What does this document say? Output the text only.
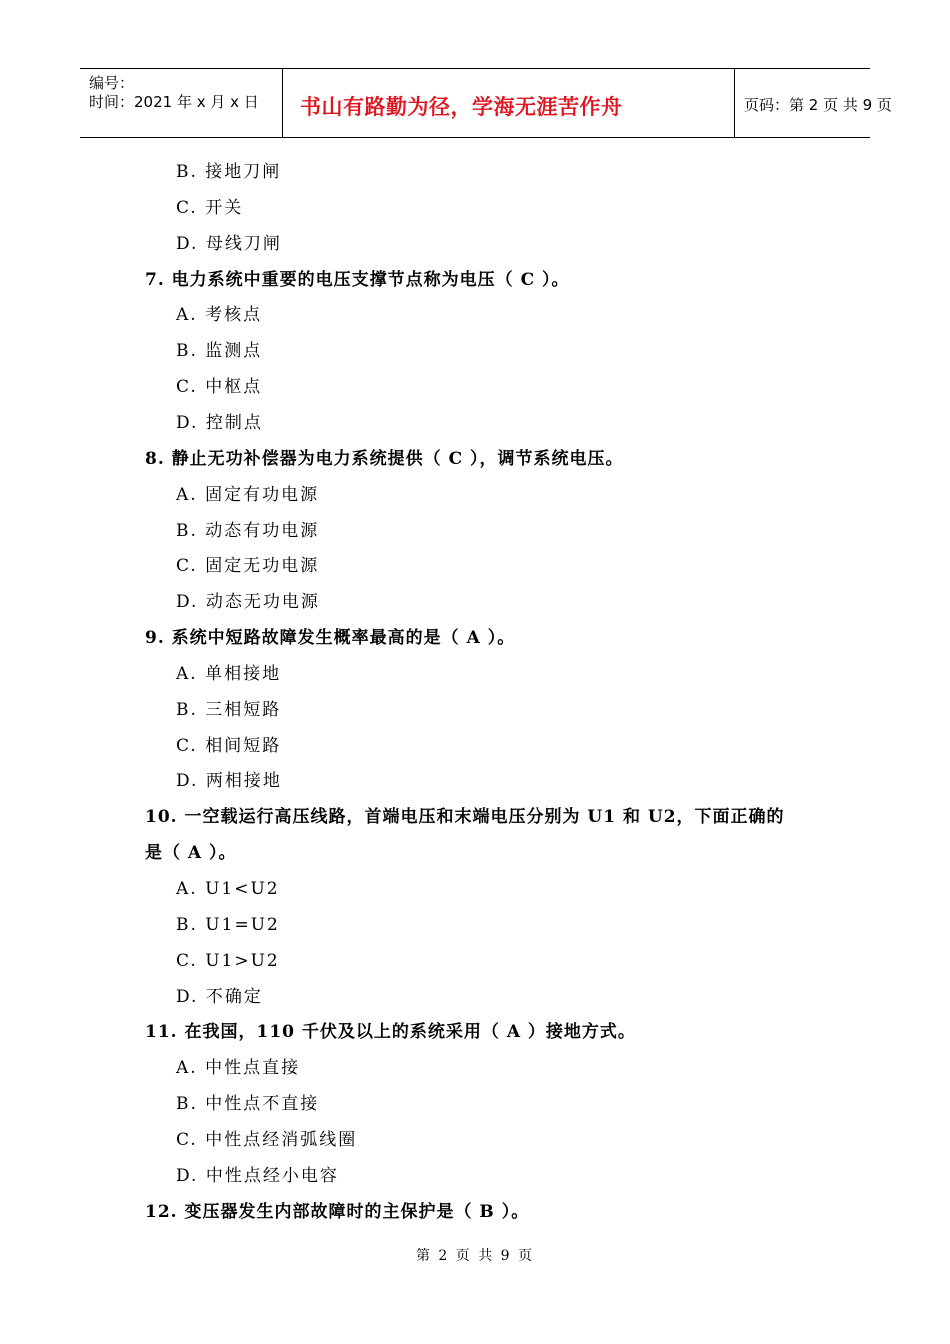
编号：
时间：2021 年 x 月 x 日 书山有路勤为径，学海无涯苦作舟	页码：第 2 页 共 9 页
B. 接地刀闸
C. 开关
D. 母线刀闸
7. 电力系统中重要的电压支撑节点称为电压（ C ）。
A. 考核点
B. 监测点
C. 中枢点
D. 控制点
8. 静止无功补偿器为电力系统提供（ C ），调节系统电压。
A. 固定有功电源
B. 动态有功电源
C. 固定无功电源
D. 动态无功电源
9. 系统中短路故障发生概率最高的是（ A ）。
A. 单相接地
B. 三相短路
C. 相间短路
D. 两相接地
10. 一空载运行高压线路，首端电压和末端电压分别为 U1 和 U2，下面正确的
是（ A ）。
A. U1<U2
B. U1=U2
C. U1>U2
D. 不确定
11. 在我国，110 千伏及以上的系统采用（ A ）接地方式。
A. 中性点直接
B. 中性点不直接
C. 中性点经消弧线圈
D. 中性点经小电容
12. 变压器发生内部故障时的主保护是（ B ）。
第 2 页 共 9 页
